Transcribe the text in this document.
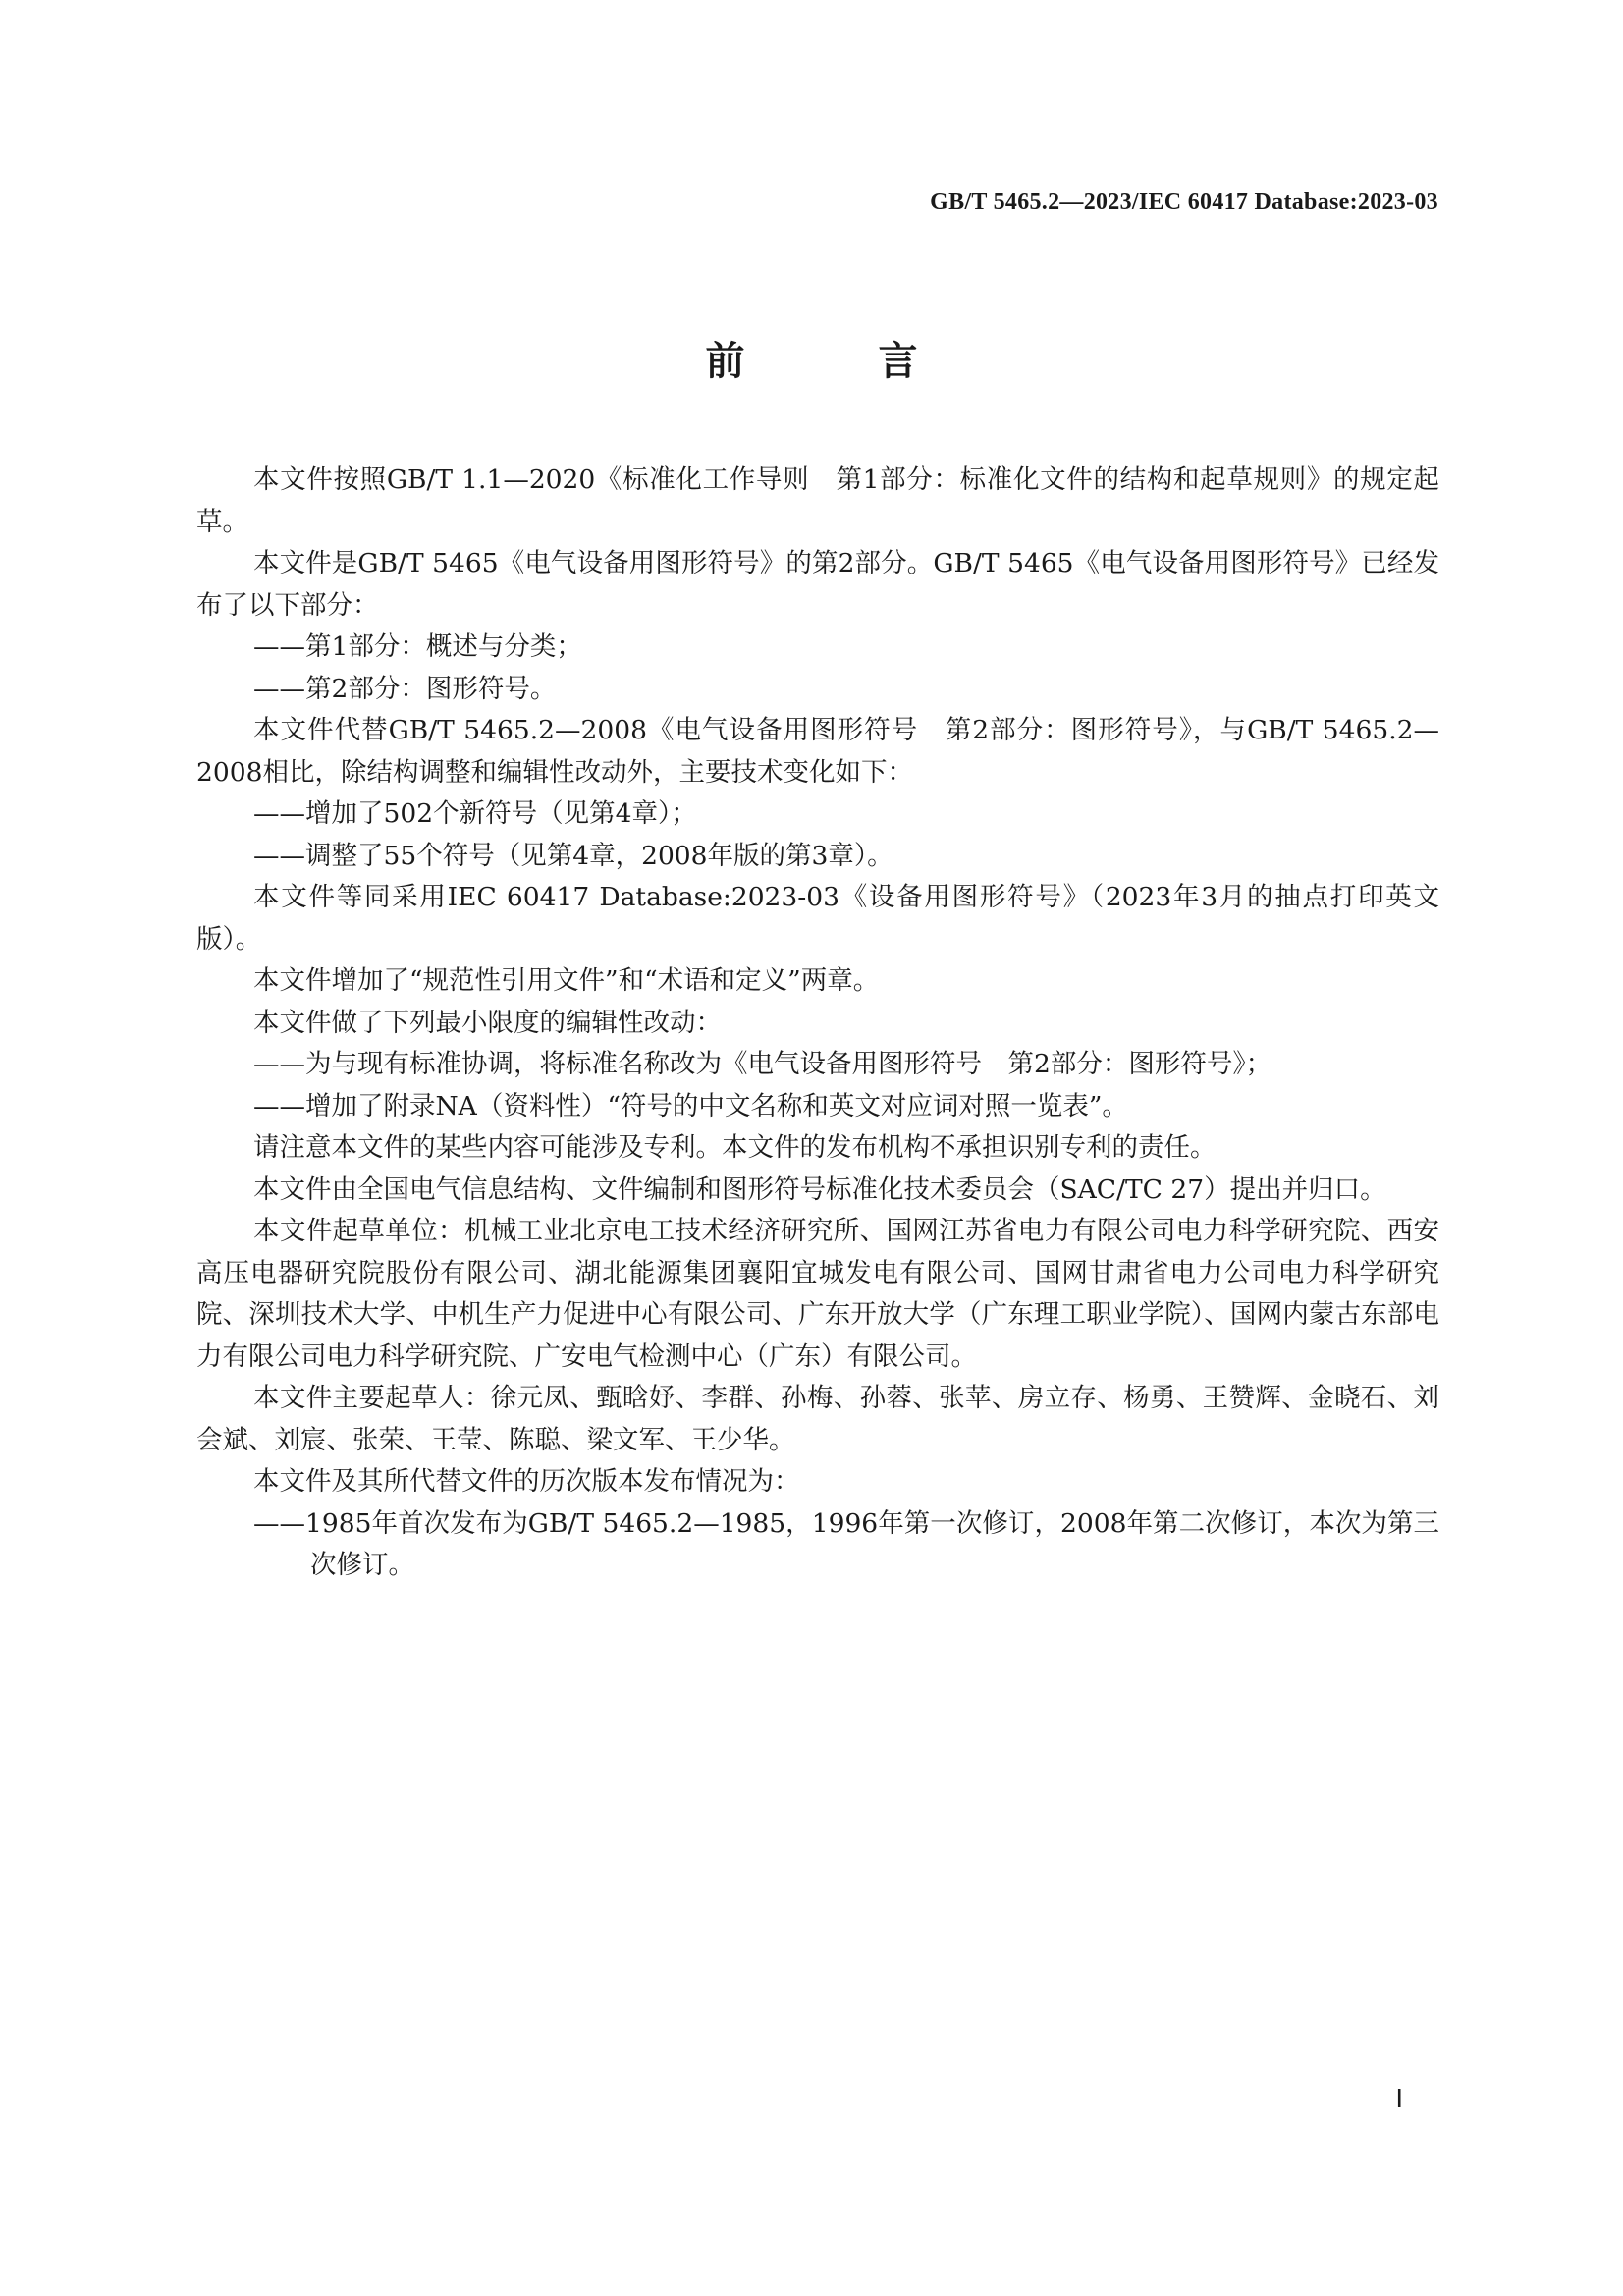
GB/T 5465.2—2023/IEC 60417 Database:2023-03

前　言

本文件按照GB/T 1.1—2020《标准化工作导则　第1部分：标准化文件的结构和起草规则》的规定起草。

本文件是GB/T 5465《电气设备用图形符号》的第2部分。GB/T 5465《电气设备用图形符号》已经发布了以下部分：

——第1部分：概述与分类；

——第2部分：图形符号。

本文件代替GB/T 5465.2—2008《电气设备用图形符号　第2部分：图形符号》，与GB/T 5465.2—2008相比，除结构调整和编辑性改动外，主要技术变化如下：

——增加了502个新符号（见第4章）；

——调整了55个符号（见第4章，2008年版的第3章）。

本文件等同采用IEC 60417 Database:2023-03《设备用图形符号》（2023年3月的抽点打印英文版）。

本文件增加了“规范性引用文件”和“术语和定义”两章。

本文件做了下列最小限度的编辑性改动：

——为与现有标准协调，将标准名称改为《电气设备用图形符号　第2部分：图形符号》；

——增加了附录NA（资料性）“符号的中文名称和英文对应词对照一览表”。

请注意本文件的某些内容可能涉及专利。本文件的发布机构不承担识别专利的责任。

本文件由全国电气信息结构、文件编制和图形符号标准化技术委员会（SAC/TC 27）提出并归口。

本文件起草单位：机械工业北京电工技术经济研究所、国网江苏省电力有限公司电力科学研究院、西安高压电器研究院股份有限公司、湖北能源集团襄阳宜城发电有限公司、国网甘肃省电力公司电力科学研究院、深圳技术大学、中机生产力促进中心有限公司、广东开放大学（广东理工职业学院）、国网内蒙古东部电力有限公司电力科学研究院、广安电气检测中心（广东）有限公司。

本文件主要起草人：徐元凤、甄晗妤、李群、孙梅、孙蓉、张苹、房立存、杨勇、王赞辉、金晓石、刘会斌、刘宸、张荣、王莹、陈聪、梁文军、王少华。

本文件及其所代替文件的历次版本发布情况为：

——1985年首次发布为GB/T 5465.2—1985，1996年第一次修订，2008年第二次修订，本次为第三次修订。

Ⅰ
